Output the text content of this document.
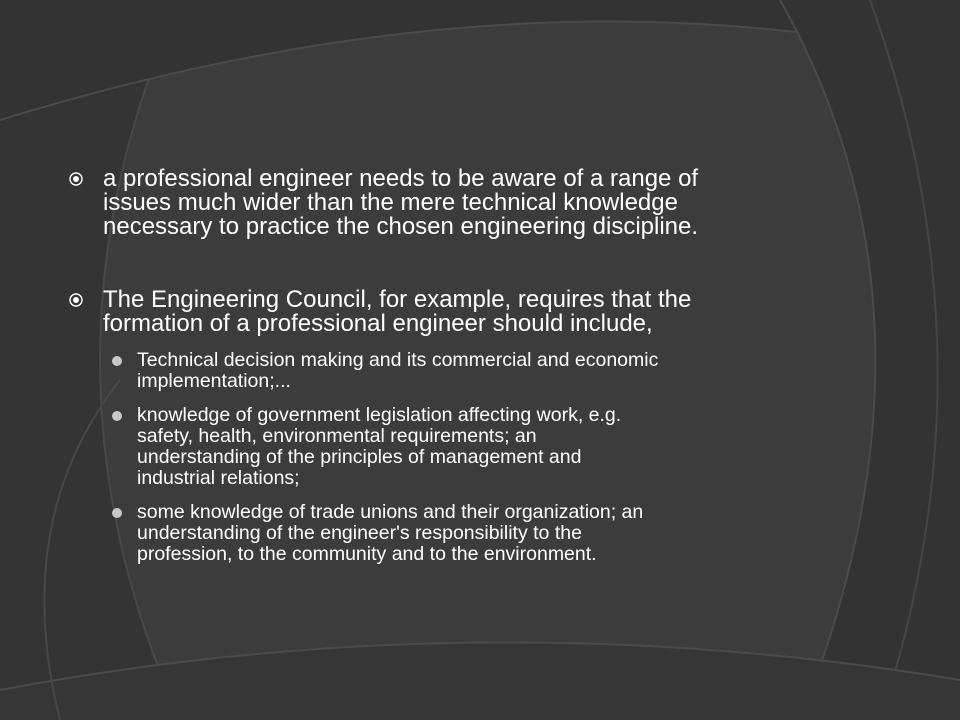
a professional engineer needs to be aware of a range of
issues much wider than the mere technical knowledge
necessary to practice the chosen engineering discipline.
The Engineering Council, for example, requires that the
formation of a professional engineer should include,
Technical decision making and its commercial and economic
implementation;...
knowledge of government legislation affecting work, e.g.
safety, health, environmental requirements; an
understanding of the principles of management and
industrial relations;
some knowledge of trade unions and their organization; an
understanding of the engineer's responsibility to the
profession, to the community and to the environment.
